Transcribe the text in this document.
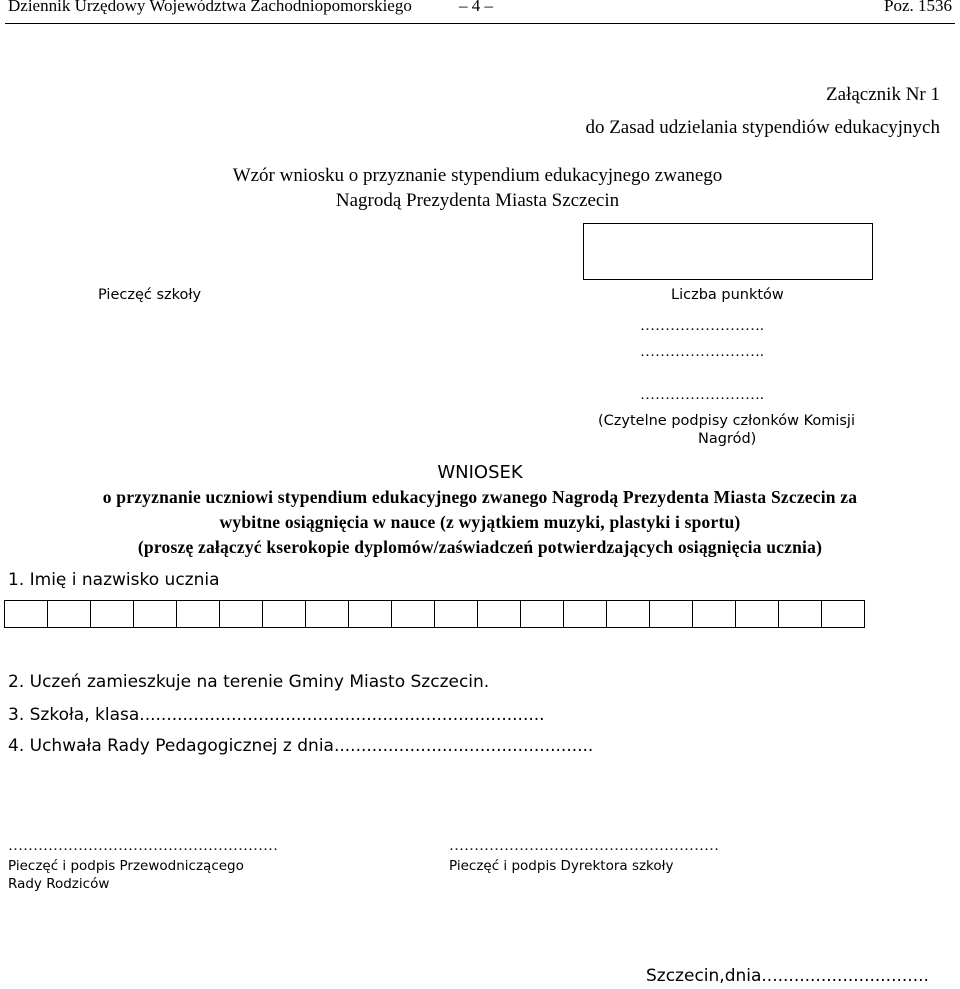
Dziennik Urzędowy Województwa Zachodniopomorskiego	– 4 –	Poz. 1536
Załącznik Nr 1
do Zasad udzielania stypendiów edukacyjnych
Wzór wniosku o przyznanie stypendium edukacyjnego zwanego
Nagrodą Prezydenta Miasta Szczecin
Pieczęć szkoły	Liczba punktów
…………………….
…………………….
…………………….
(Czytelne podpisy członków Komisji
Nagród)
WNIOSEK
o przyznanie uczniowi stypendium edukacyjnego zwanego Nagrodą Prezydenta Miasta Szczecin za
wybitne osiągnięcia w nauce (z wyjątkiem muzyki, plastyki i sportu)
(proszę załączyć kserokopie dyplomów/zaświadczeń potwierdzających osiągnięcia ucznia)
1. Imię i nazwisko ucznia
2. Uczeń zamieszkuje na terenie Gminy Miasto Szczecin.
3. Szkoła, klasa...........................................................................
4. Uchwała Rady Pedagogicznej z dnia................................................
………………………………………………
Pieczęć i podpis Przewodniczącego
Rady Rodziców
………………………………………………
Pieczęć i podpis Dyrektora szkoły
Szczecin,dnia...............................
